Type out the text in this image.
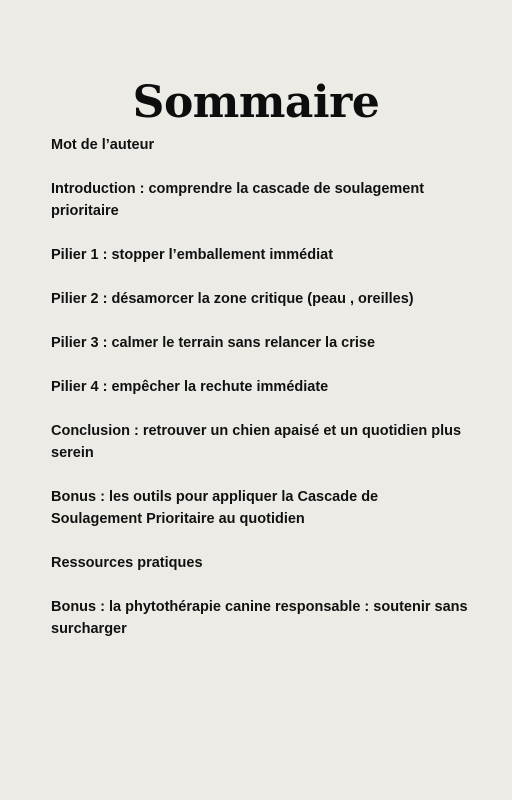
Sommaire
Mot de l’auteur
Introduction : comprendre la cascade de soulagement prioritaire
Pilier 1 : stopper l’emballement immédiat
Pilier 2 : désamorcer la zone critique (peau , oreilles)
Pilier 3 : calmer le terrain sans relancer la crise
Pilier 4 : empêcher la rechute immédiate
Conclusion : retrouver un chien apaisé et un quotidien plus serein
Bonus : les outils pour appliquer la Cascade de Soulagement Prioritaire au quotidien
Ressources pratiques
Bonus : la phytothérapie canine responsable : soutenir sans surcharger
